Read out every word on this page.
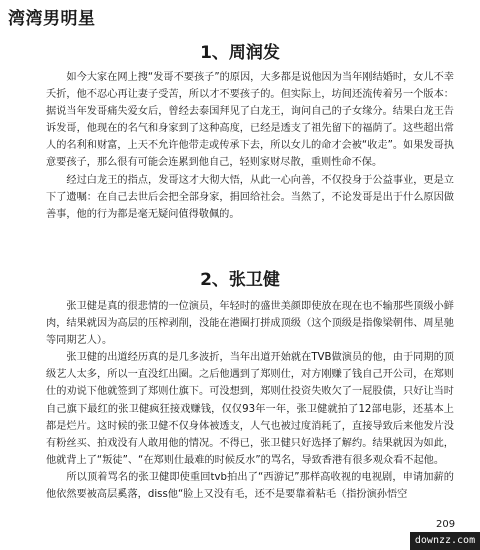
湾湾男明星
1、周润发

如今大家在网上搜“发哥不要孩子”的原因，大多都是说他因为当年刚结婚时，女儿不幸夭折，他不忍心再让妻子受苦，所以才不要孩子的。但实际上，坊间还流传着另一个版本：据说当年发哥痛失爱女后，曾经去泰国拜见了白龙王，询问自己的子女缘分。结果白龙王告诉发哥，他现在的名气和身家到了这种高度，已经是透支了祖先留下的福荫了。这些超出常人的名利和财富，上天不允许他带走或传承下去，所以女儿的命才会被“收走”。如果发哥执意要孩子，那么很有可能会连累到他自己，轻则家财尽散，重则性命不保。

经过白龙王的指点，发哥这才大彻大悟，从此一心向善，不仅投身于公益事业，更是立下了遗嘱：在自己去世后会把全部身家，捐回给社会。当然了，不论发哥是出于什么原因做善事，他的行为都是毫无疑问值得敬佩的。

2、张卫健

张卫健是真的很悲情的一位演员，年轻时的盛世美颜即使放在现在也不输那些顶级小鲜肉，结果就因为高层的压榨剥削，没能在港圈打拼成顶级（这个顶级是指像梁朝伟、周星驰等同期艺人）。

张卫健的出道经历真的是几多波折，当年出道开始就在TVB做演员的他，由于同期的顶级艺人太多，所以一直没红出圈。之后他遇到了郑则仕，对方刚赚了钱自己开公司，在郑则仕的劝说下他就签到了郑则仕旗下。可没想到，郑则仕投资失败欠了一屁股债，只好让当时自己旗下最红的张卫健疯狂接戏赚钱，仅仅93年一年，张卫健就拍了12部电影，还基本上都是烂片。这时候的张卫健不仅身体被透支，人气也被过度消耗了，直接导致后来他发片没有粉丝买、拍戏没有人敢用他的情况。不得已，张卫健只好选择了解约。结果就因为如此，他就背上了“叛徒”、“在郑则仕最难的时候反水”的骂名，导致香港有很多观众看不起他。

所以顶着骂名的张卫健即使重回tvb拍出了“西游记”那样高收视的电视剧，申请加薪的他依然要被高层奚落，diss他“脸上又没有毛，还不是要靠着粘毛（指扮演孙悟空

209
downzz.com
